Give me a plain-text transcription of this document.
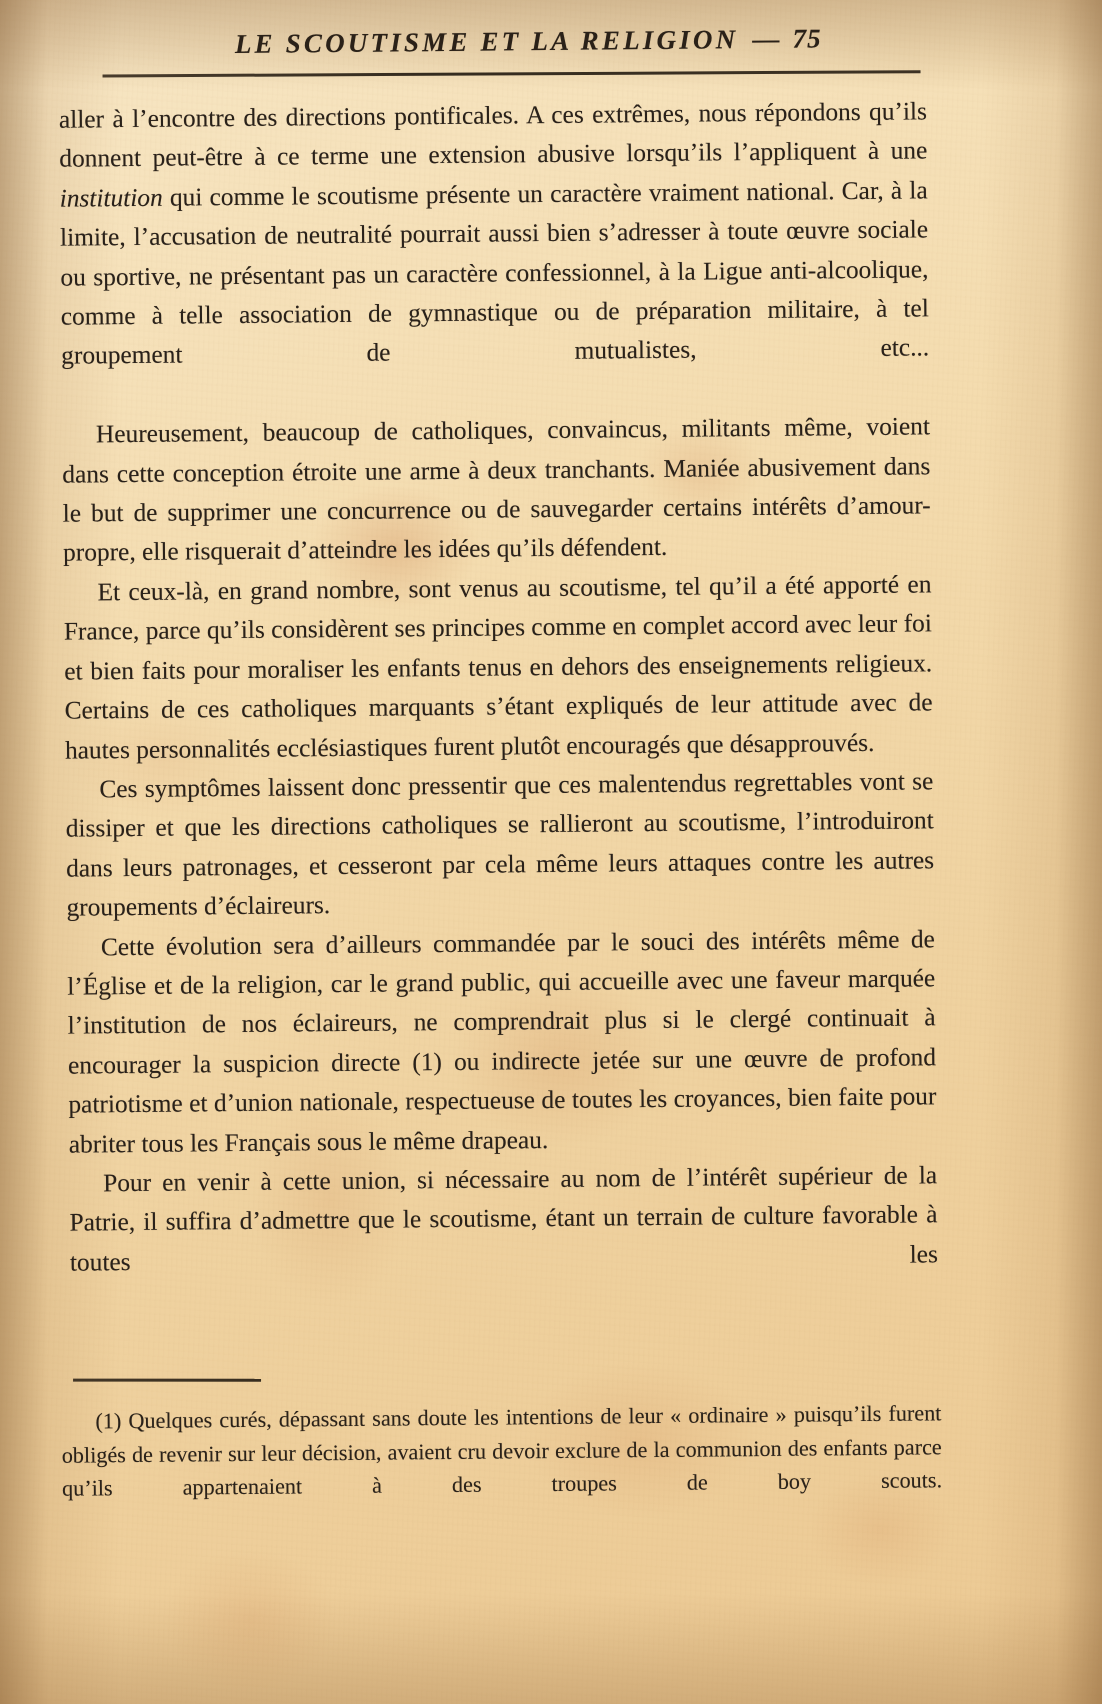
LE SCOUTISME ET LA RELIGION — 75

aller à l’encontre des directions pontificales. A ces extrêmes, nous répondons qu’ils donnent peut-être à ce terme une extension abusive lorsqu’ils l’appliquent à une institution qui comme le scoutisme présente un caractère vraiment national. Car, à la limite, l’accusation de neutralité pourrait aussi bien s’adresser à toute œuvre sociale ou sportive, ne présentant pas un caractère confessionnel, à la Ligue anti-alcoolique, comme à telle association de gymnastique ou de préparation militaire, à tel groupement de mutualistes, etc...

Heureusement, beaucoup de catholiques, convaincus, militants même, voient dans cette conception étroite une arme à deux tranchants. Maniée abusivement dans le but de supprimer une concurrence ou de sauvegarder certains intérêts d’amour-propre, elle risquerait d’atteindre les idées qu’ils défendent.

Et ceux-là, en grand nombre, sont venus au scoutisme, tel qu’il a été apporté en France, parce qu’ils considèrent ses principes comme en complet accord avec leur foi et bien faits pour moraliser les enfants tenus en dehors des enseignements religieux. Certains de ces catholiques marquants s’étant expliqués de leur attitude avec de hautes personnalités ecclésiastiques furent plutôt encouragés que désapprouvés.

Ces symptômes laissent donc pressentir que ces malentendus regrettables vont se dissiper et que les directions catholiques se rallieront au scoutisme, l’introduiront dans leurs patronages, et cesseront par cela même leurs attaques contre les autres groupements d’éclaireurs.

Cette évolution sera d’ailleurs commandée par le souci des intérêts même de l’Église et de la religion, car le grand public, qui accueille avec une faveur marquée l’institution de nos éclaireurs, ne comprendrait plus si le clergé continuait à encourager la suspicion directe (1) ou indirecte jetée sur une œuvre de profond patriotisme et d’union nationale, respectueuse de toutes les croyances, bien faite pour abriter tous les Français sous le même drapeau.

Pour en venir à cette union, si nécessaire au nom de l’intérêt supérieur de la Patrie, il suffira d’admettre que le scoutisme, étant un terrain de culture favorable à toutes les

(1) Quelques curés, dépassant sans doute les intentions de leur « ordinaire » puisqu’ils furent obligés de revenir sur leur décision, avaient cru devoir exclure de la communion des enfants parce qu’ils appartenaient à des troupes de boy scouts.
